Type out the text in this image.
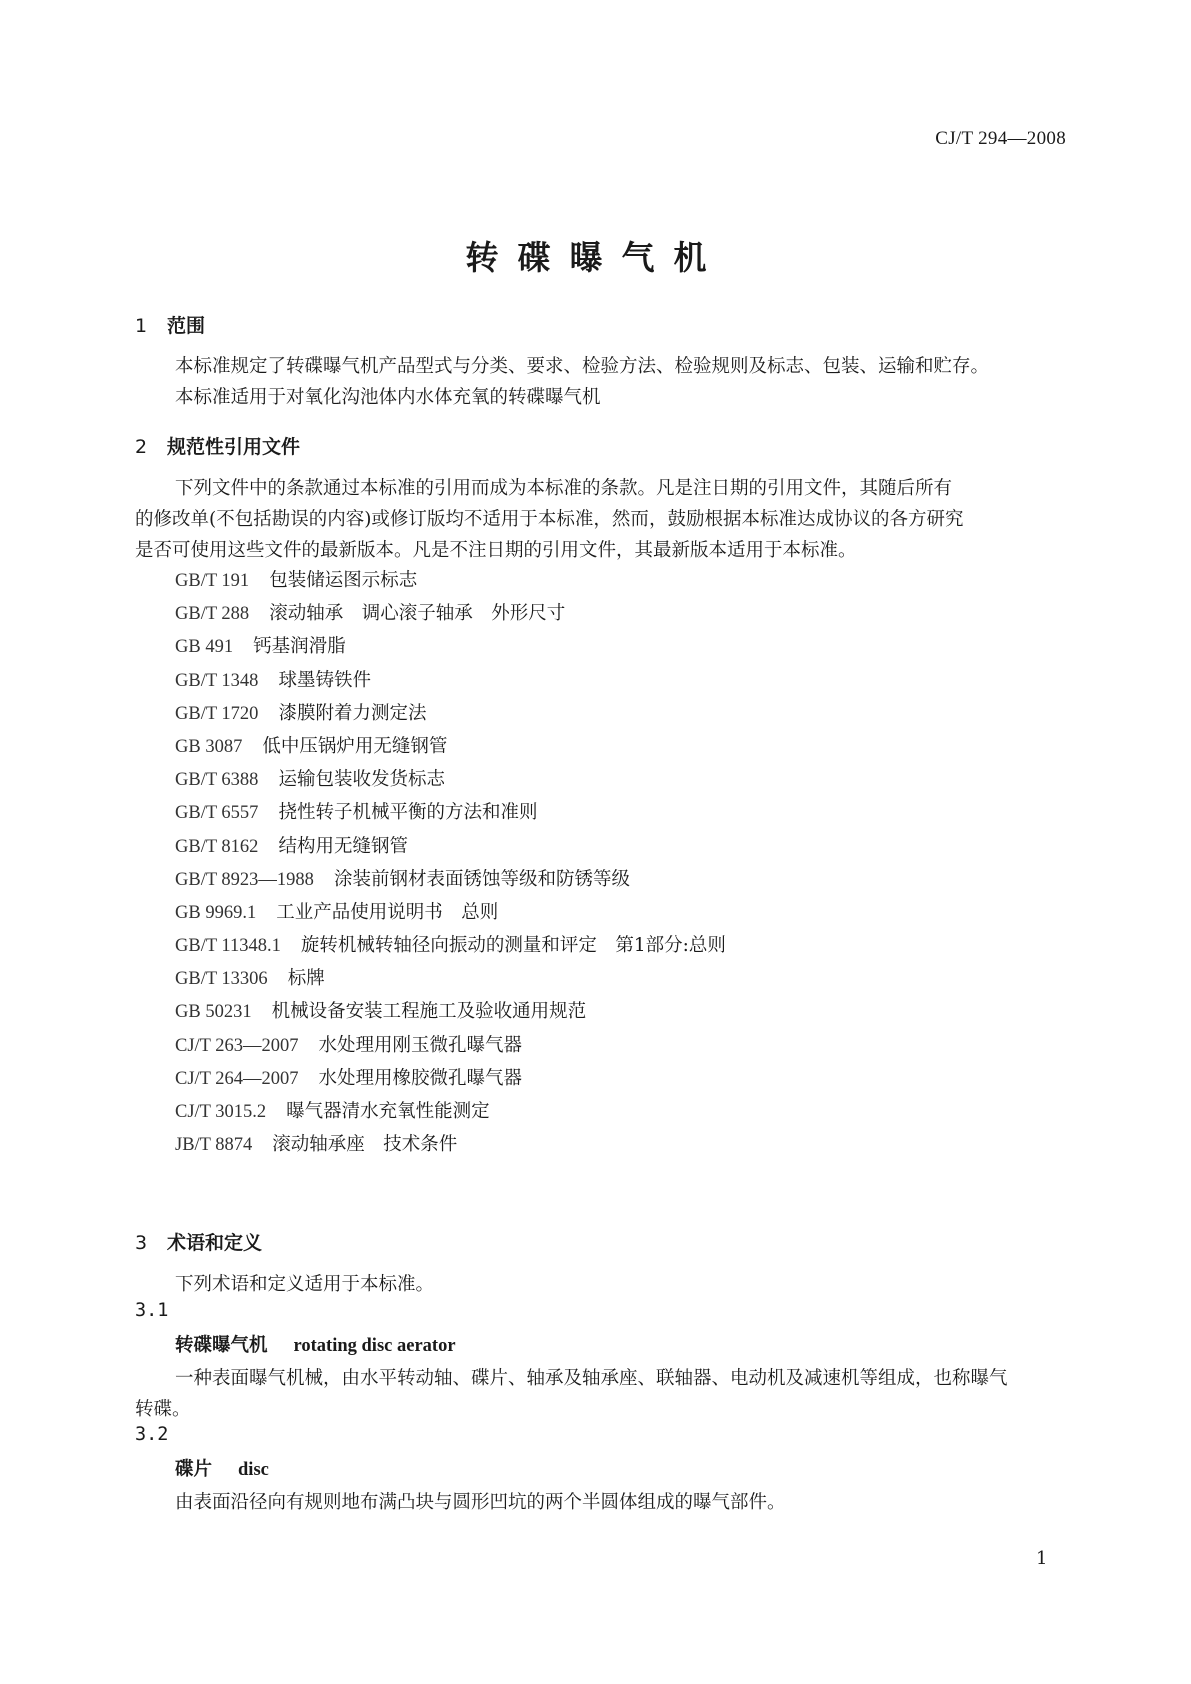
CJ/T 294—2008
转碟曝气机
1 范围
本标准规定了转碟曝气机产品型式与分类、要求、检验方法、检验规则及标志、包装、运输和贮存。
本标准适用于对氧化沟池体内水体充氧的转碟曝气机
2 规范性引用文件
下列文件中的条款通过本标准的引用而成为本标准的条款。凡是注日期的引用文件，其随后所有
的修改单(不包括勘误的内容)或修订版均不适用于本标准，然而，鼓励根据本标准达成协议的各方研究
是否可使用这些文件的最新版本。凡是不注日期的引用文件，其最新版本适用于本标准。
GB/T 191 包装储运图示标志
GB/T 288 滚动轴承　调心滚子轴承　外形尺寸
GB 491 钙基润滑脂
GB/T 1348 球墨铸铁件
GB/T 1720 漆膜附着力测定法
GB 3087 低中压锅炉用无缝钢管
GB/T 6388 运输包装收发货标志
GB/T 6557 挠性转子机械平衡的方法和准则
GB/T 8162 结构用无缝钢管
GB/T 8923—1988 涂装前钢材表面锈蚀等级和防锈等级
GB 9969.1 工业产品使用说明书　总则
GB/T 11348.1 旋转机械转轴径向振动的测量和评定　第1部分:总则
GB/T 13306 标牌
GB 50231 机械设备安装工程施工及验收通用规范
CJ/T 263—2007 水处理用刚玉微孔曝气器
CJ/T 264—2007 水处理用橡胶微孔曝气器
CJ/T 3015.2 曝气器清水充氧性能测定
JB/T 8874 滚动轴承座　技术条件
3 术语和定义
下列术语和定义适用于本标准。
3.1
转碟曝气机 rotating disc aerator
一种表面曝气机械，由水平转动轴、碟片、轴承及轴承座、联轴器、电动机及减速机等组成，也称曝气
转碟。
3.2
碟片 disc
由表面沿径向有规则地布满凸块与圆形凹坑的两个半圆体组成的曝气部件。
1
